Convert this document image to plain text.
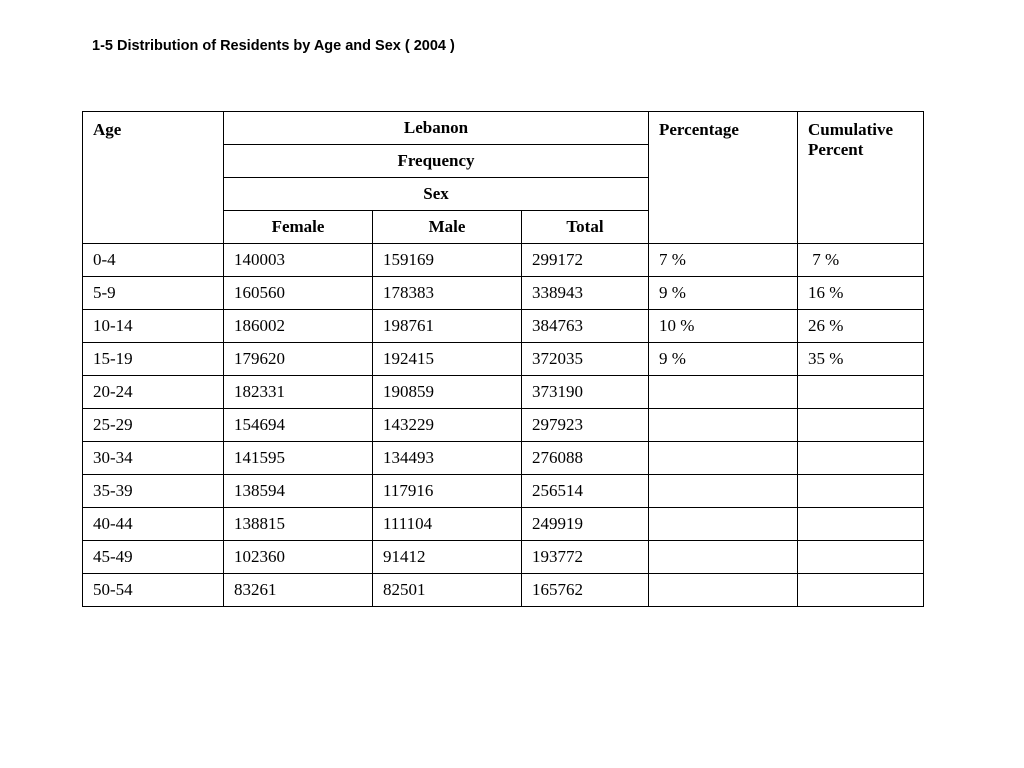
1-5 Distribution of Residents by Age and Sex ( 2004 )
Age	Lebanon			Percentage	Cumulative Percent
	Frequency				
	Sex				
	Female	Male	Total		
0-4	140003	159169	299172	7 %	7 %
5-9	160560	178383	338943	9 %	16 %
10-14	186002	198761	384763	10 %	26 %
15-19	179620	192415	372035	9 %	35 %
20-24	182331	190859	373190		
25-29	154694	143229	297923		
30-34	141595	134493	276088		
35-39	138594	117916	256514		
40-44	138815	111104	249919		
45-49	102360	91412	193772		
50-54	83261	82501	165762		
